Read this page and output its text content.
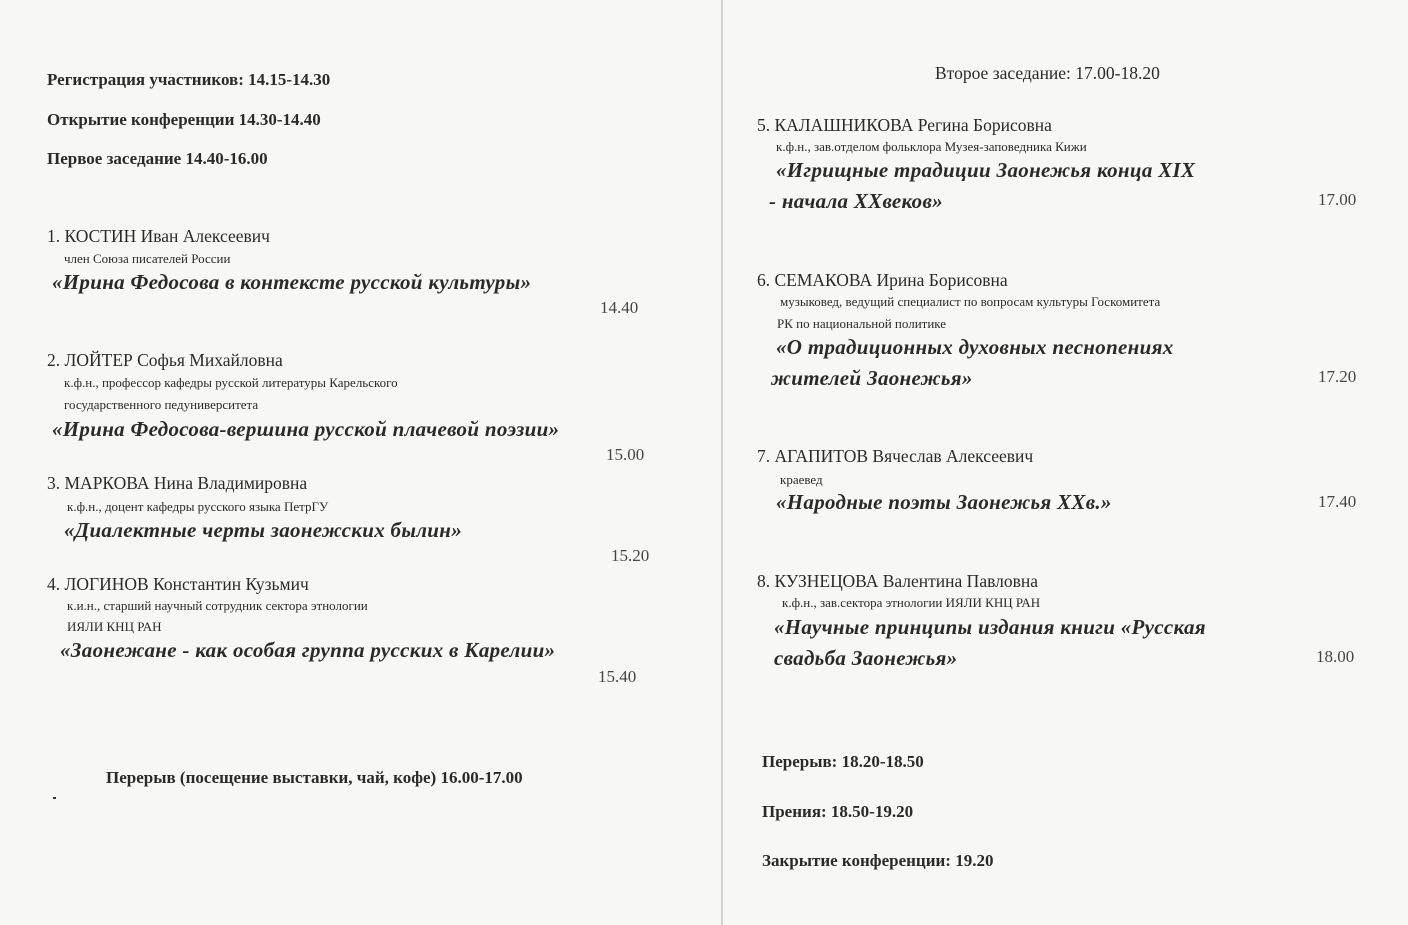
Регистрация участников: 14.15-14.30
Открытие конференции 14.30-14.40
Первое заседание 14.40-16.00
1. КОСТИН Иван Алексеевич
член Союза писателей России
«Ирина Федосова в контексте русской культуры»
14.40
2. ЛОЙТЕР Софья Михайловна
к.ф.н., профессор кафедры русской литературы Карельского
государственного педуниверситета
«Ирина Федосова-вершина русской плачевой поэзии»
15.00
3. МАРКОВА Нина Владимировна
к.ф.н., доцент кафедры русского языка ПетрГУ
«Диалектные черты заонежских былин»
15.20
4. ЛОГИНОВ Константин Кузьмич
к.и.н., старший научный сотрудник сектора этнологии
ИЯЛИ КНЦ РАН
«Заонежане - как особая группа русских в Карелии»
15.40
Перерыв (посещение выставки, чай, кофе) 16.00-17.00
Второе заседание: 17.00-18.20
5. КАЛАШНИКОВА Регина Борисовна
к.ф.н., зав.отделом фольклора Музея-заповедника Кижи
«Игрищные традиции Заонежья конца XIX
- начала XXвеков»	17.00
6. СЕМАКОВА Ирина Борисовна
музыковед, ведущий специалист по вопросам культуры Госкомитета
РК по национальной политике
«О традиционных духовных песнопениях
жителей Заонежья»	17.20
7. АГАПИТОВ Вячеслав Алексеевич
краевед
«Народные поэты Заонежья XXв.»	17.40
8. КУЗНЕЦОВА Валентина Павловна
к.ф.н., зав.сектора этнологии ИЯЛИ КНЦ РАН
«Научные принципы издания книги «Русская
свадьба Заонежья»	18.00
Перерыв: 18.20-18.50
Прения: 18.50-19.20
Закрытие конференции: 19.20
